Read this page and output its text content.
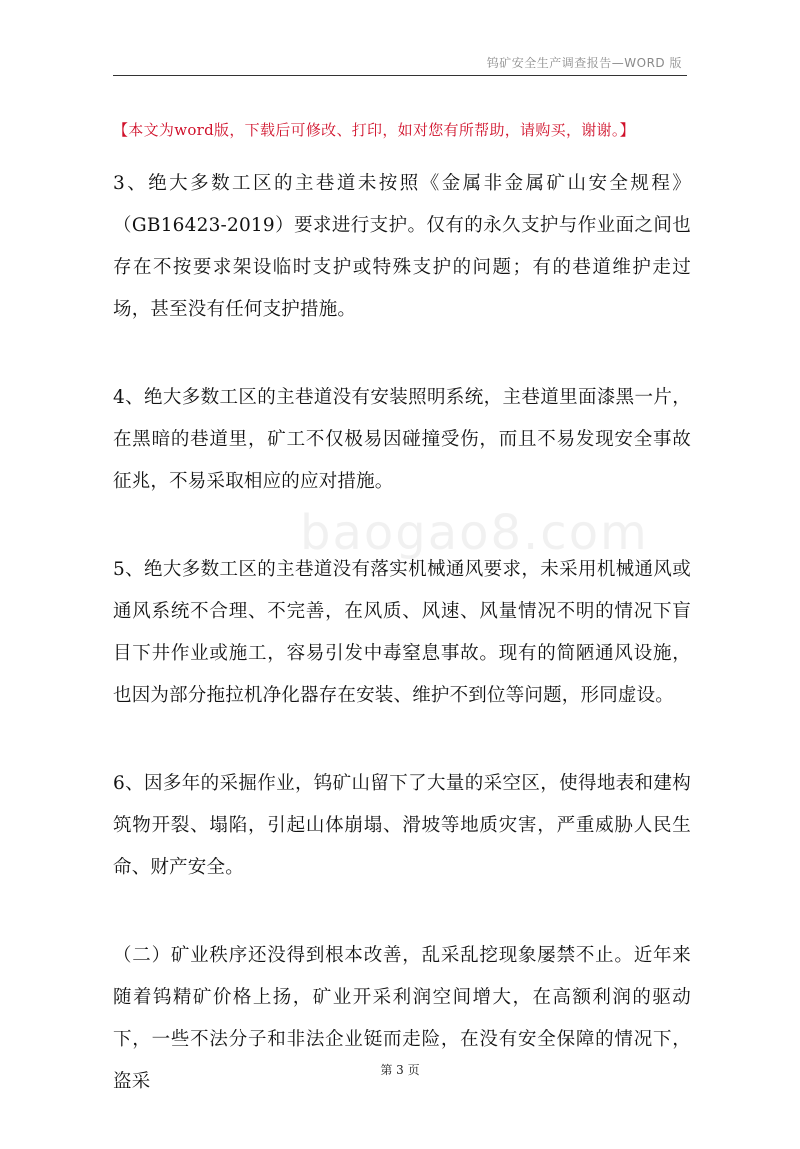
钨矿安全生产调查报告—WORD 版
【本文为word版，下载后可修改、打印，如对您有所帮助，请购买，谢谢。】

3、绝大多数工区的主巷道未按照《金属非金属矿山安全规程》（GB16423-2019）要求进行支护。仅有的永久支护与作业面之间也存在不按要求架设临时支护或特殊支护的问题；有的巷道维护走过场，甚至没有任何支护措施。

4、绝大多数工区的主巷道没有安装照明系统，主巷道里面漆黑一片，在黑暗的巷道里，矿工不仅极易因碰撞受伤，而且不易发现安全事故征兆，不易采取相应的应对措施。

5、绝大多数工区的主巷道没有落实机械通风要求，未采用机械通风或通风系统不合理、不完善，在风质、风速、风量情况不明的情况下盲目下井作业或施工，容易引发中毒窒息事故。现有的简陋通风设施，也因为部分拖拉机净化器存在安装、维护不到位等问题，形同虚设。

6、因多年的采掘作业，钨矿山留下了大量的采空区，使得地表和建构筑物开裂、塌陷，引起山体崩塌、滑坡等地质灾害，严重威胁人民生命、财产安全。

（二）矿业秩序还没得到根本改善，乱采乱挖现象屡禁不止。近年来随着钨精矿价格上扬，矿业开采利润空间增大，在高额利润的驱动下，一些不法分子和非法企业铤而走险，在没有安全保障的情况下，盗采

baogao8.com
第 3 页
